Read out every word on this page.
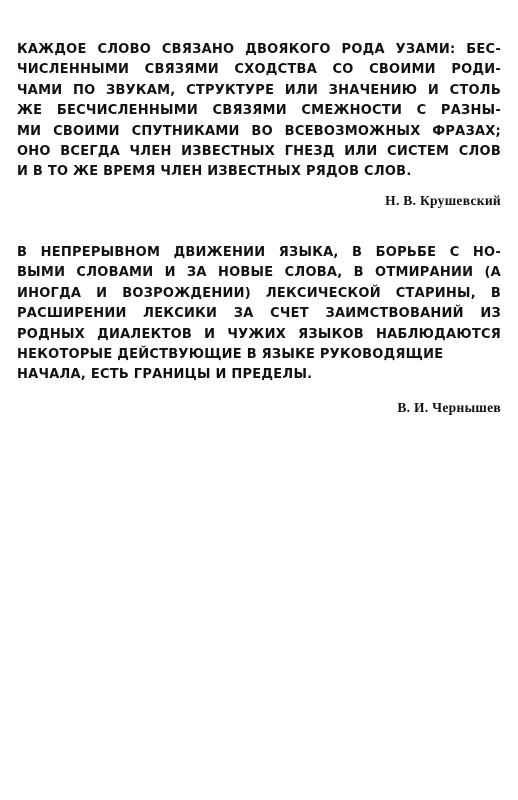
КАЖДОЕ СЛОВО СВЯЗАНО ДВОЯКОГО РОДА УЗАМИ: БЕС-
ЧИСЛЕННЫМИ СВЯЗЯМИ СХОДСТВА СО СВОИМИ РОДИ-
ЧАМИ ПО ЗВУКАМ, СТРУКТУРЕ ИЛИ ЗНАЧЕНИЮ И СТОЛЬ
ЖЕ БЕСЧИСЛЕННЫМИ СВЯЗЯМИ СМЕЖНОСТИ С РАЗНЫ-
МИ СВОИМИ СПУТНИКАМИ ВО ВСЕВОЗМОЖНЫХ ФРАЗАХ;
ОНО ВСЕГДА ЧЛЕН ИЗВЕСТНЫХ ГНЕЗД ИЛИ СИСТЕМ СЛОВ
И В ТО ЖЕ ВРЕМЯ ЧЛЕН ИЗВЕСТНЫХ РЯДОВ СЛОВ.
Н. В. Крушевский
В НЕПРЕРЫВНОМ ДВИЖЕНИИ ЯЗЫКА, В БОРЬБЕ С НО-
ВЫМИ СЛОВАМИ И ЗА НОВЫЕ СЛОВА, В ОТМИРАНИИ (А
ИНОГДА И ВОЗРОЖДЕНИИ) ЛЕКСИЧЕСКОЙ СТАРИНЫ, В
РАСШИРЕНИИ ЛЕКСИКИ ЗА СЧЕТ ЗАИМСТВОВАНИЙ ИЗ
РОДНЫХ ДИАЛЕКТОВ И ЧУЖИХ ЯЗЫКОВ НАБЛЮДАЮТСЯ
НЕКОТОРЫЕ ДЕЙСТВУЮЩИЕ В ЯЗЫКЕ РУКОВОДЯЩИЕ
НАЧАЛА, ЕСТЬ ГРАНИЦЫ И ПРЕДЕЛЫ.
В. И. Чернышев
